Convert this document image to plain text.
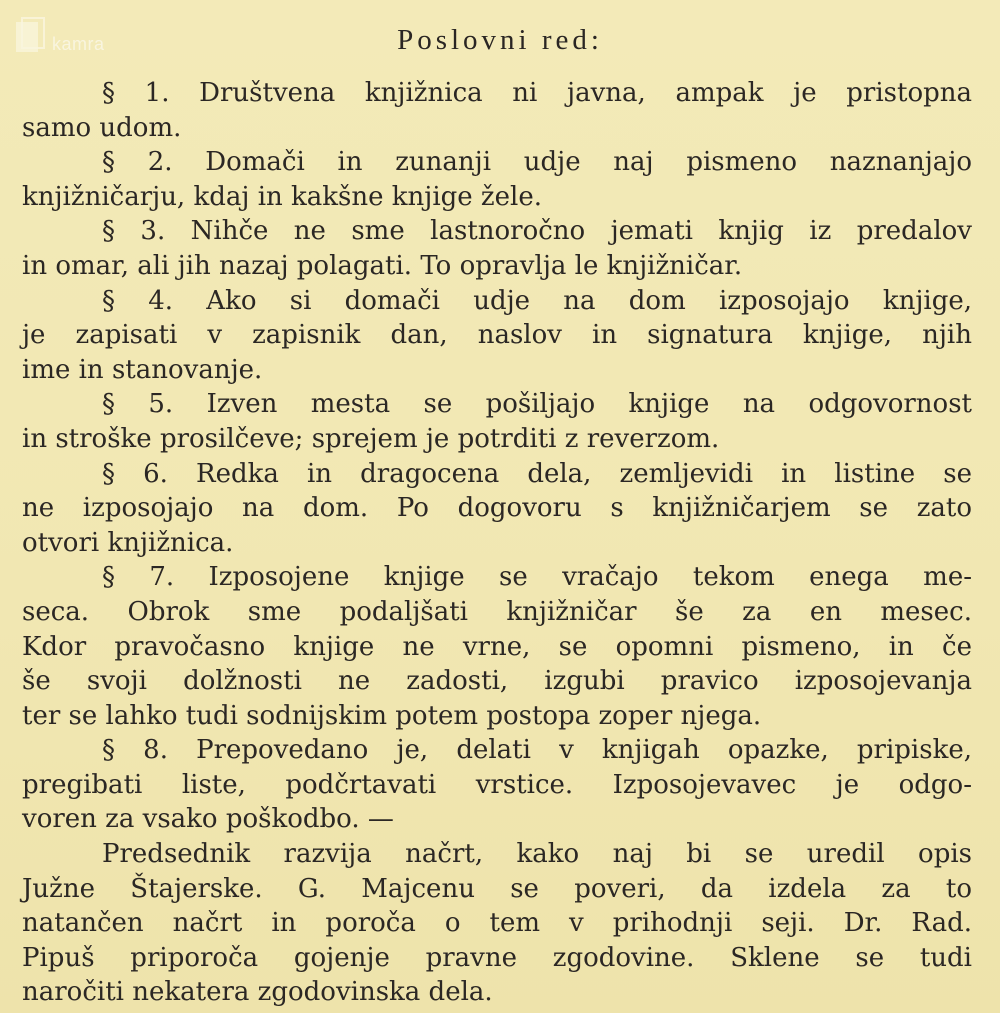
kamra	Poslovni red:
§ 1. Društvena knjižnica ni javna, ampak je pristopna
samo udom.
§ 2. Domači in zunanji udje naj pismeno naznanjajo
knjižničarju, kdaj in kakšne knjige žele.
§ 3. Nihče ne sme lastnoročno jemati knjig iz predalov
in omar, ali jih nazaj polagati. To opravlja le knjižničar.
§ 4. Ako si domači udje na dom izposojajo knjige,
je zapisati v zapisnik dan, naslov in signatura knjige, njih
ime in stanovanje.
§ 5. Izven mesta se pošiljajo knjige na odgovornost
in stroške prosilčeve; sprejem je potrditi z reverzom.
§ 6. Redka in dragocena dela, zemljevidi in listine se
ne izposojajo na dom. Po dogovoru s knjižničarjem se zato
otvori knjižnica.
§ 7. Izposojene knjige se vračajo tekom enega me-
seca. Obrok sme podaljšati knjižničar še za en mesec.
Kdor pravočasno knjige ne vrne, se opomni pismeno, in če
še svoji dolžnosti ne zadosti, izgubi pravico izposojevanja
ter se lahko tudi sodnijskim potem postopa zoper njega.
§ 8. Prepovedano je, delati v knjigah opazke, pripiske,
pregibati liste, podčrtavati vrstice. Izposojevavec je odgo-
voren za vsako poškodbo. —
Predsednik razvija načrt, kako naj bi se uredil opis
Južne Štajerske. G. Majcenu se poveri, da izdela za to
natančen načrt in poroča o tem v prihodnji seji. Dr. Rad.
Pipuš priporoča gojenje pravne zgodovine. Sklene se tudi
naročiti nekatera zgodovinska dela.
